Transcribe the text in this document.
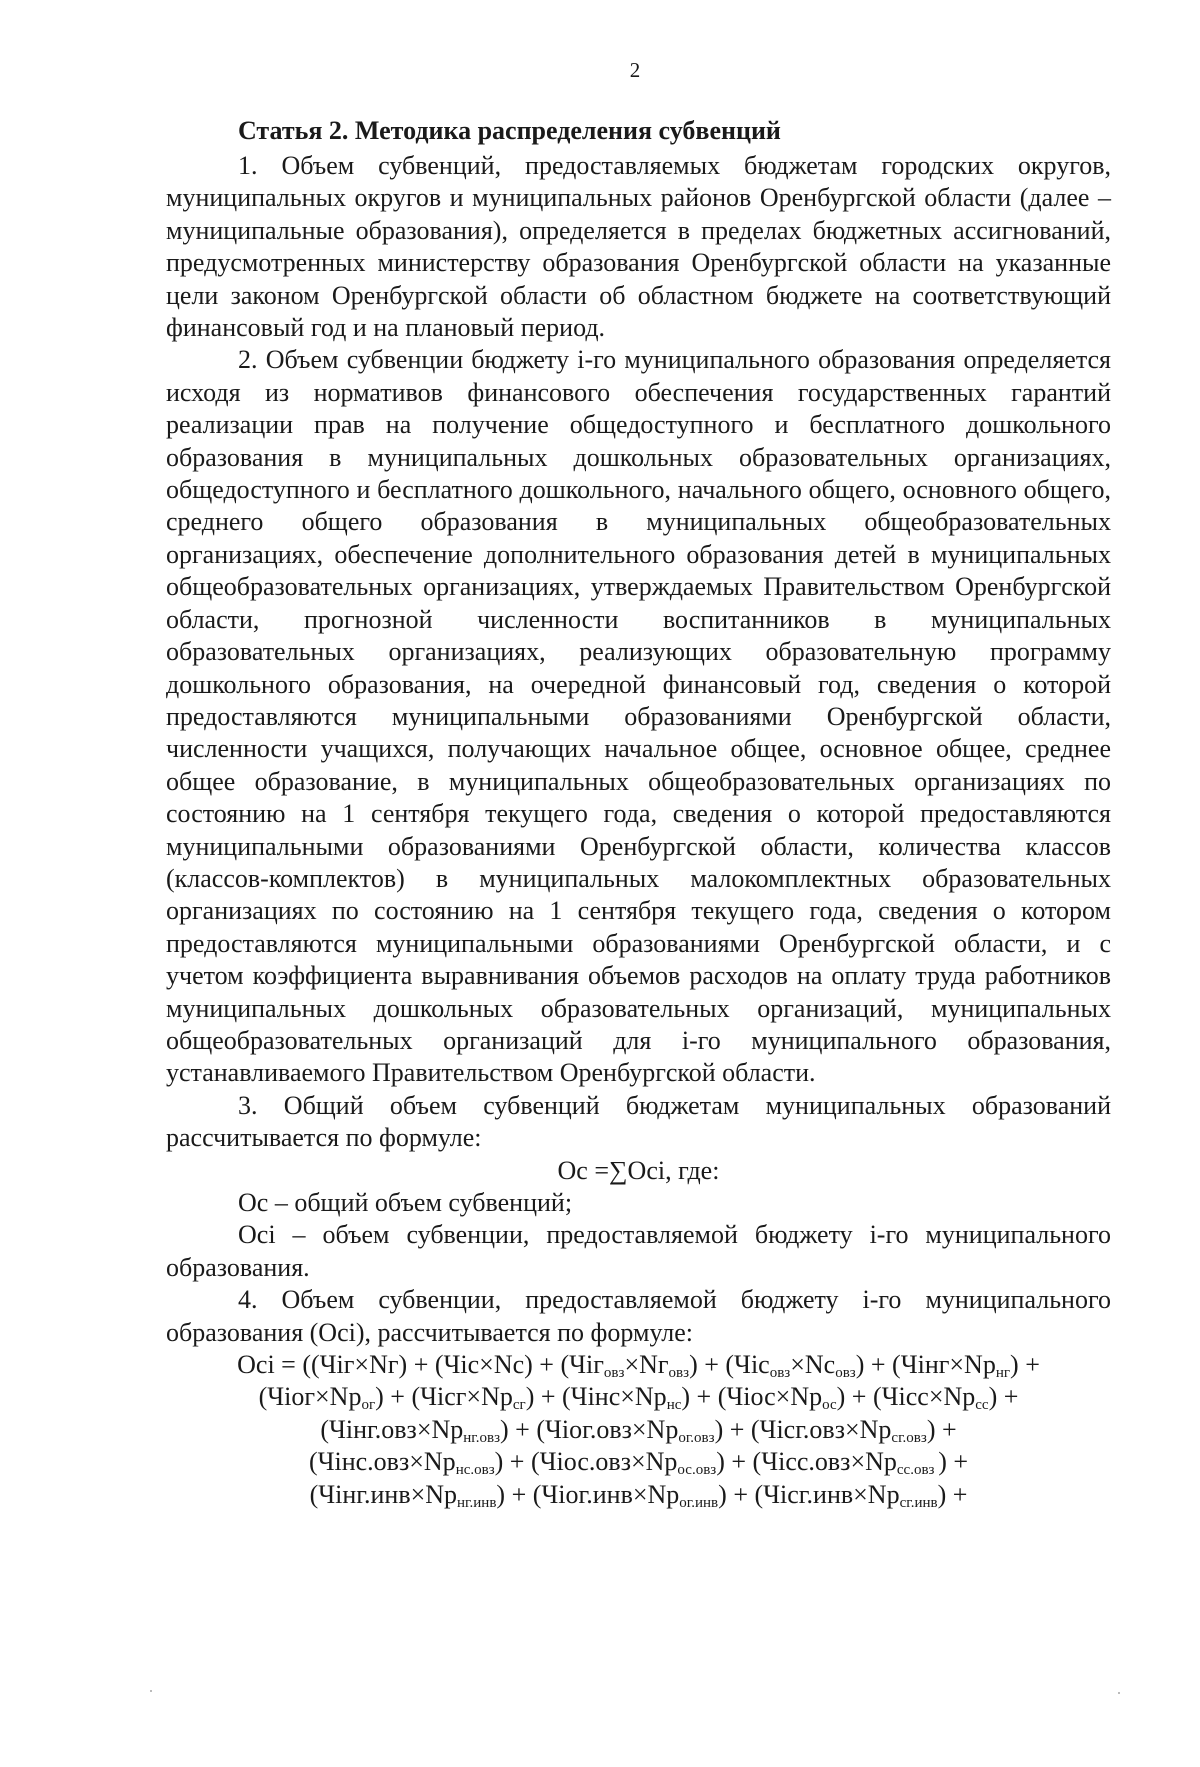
2
Статья 2. Методика распределения субвенций

1. Объем субвенций, предоставляемых бюджетам городских округов, муниципальных округов и муниципальных районов Оренбургской области (далее – муниципальные образования), определяется в пределах бюджетных ассигнований, предусмотренных министерству образования Оренбургской области на указанные цели законом Оренбургской области об областном бюджете на соответствующий финансовый год и на плановый период.

2. Объем субвенции бюджету i-го муниципального образования определяется исходя из нормативов финансового обеспечения государственных гарантий реализации прав на получение общедоступного и бесплатного дошкольного образования в муниципальных дошкольных образовательных организациях, общедоступного и бесплатного дошкольного, начального общего, основного общего, среднего общего образования в муниципальных общеобразовательных организациях, обеспечение дополнительного образования детей в муниципальных общеобразовательных организациях, утверждаемых Правительством Оренбургской области, прогнозной численности воспитанников в муниципальных образовательных организациях, реализующих образовательную программу дошкольного образования, на очередной финансовый год, сведения о которой предоставляются муниципальными образованиями Оренбургской области, численности учащихся, получающих начальное общее, основное общее, среднее общее образование, в муниципальных общеобразовательных организациях по состоянию на 1 сентября текущего года, сведения о которой предоставляются муниципальными образованиями Оренбургской области, количества классов (классов-комплектов) в муниципальных малокомплектных образовательных организациях по состоянию на 1 сентября текущего года, сведения о котором предоставляются муниципальными образованиями Оренбургской области, и с учетом коэффициента выравнивания объемов расходов на оплату труда работников муниципальных дошкольных образовательных организаций, муниципальных общеобразовательных организаций для i-го муниципального образования, устанавливаемого Правительством Оренбургской области.

3. Общий объем субвенций бюджетам муниципальных образований рассчитывается по формуле:

Oc =∑Oci, где:

Oc – общий объем субвенций;

Oci – объем субвенции, предоставляемой бюджету i-го муниципального образования.

4. Объем субвенции, предоставляемой бюджету i-го муниципального образования (Oci), рассчитывается по формуле:

Oci = ($(Чiг\times Nг) + (Чiс\times Nс) + (Чiг_{овз}\times Nг_{овз}) + (Чiс_{овз}\times Nс_{овз})$ + $(Чiнг\times Np_{нг})$ +

$(Чiог\times Np_{ог})$ + $(Чiсг\times Np_{сг})$ + $(Чiнс\times Np_{нс})$ + $(Чiос\times Np_{ос})$ + $(Чiсс\times Np_{сс})$ +

$(Чiнг.овз\times Np_{нг.овз})$ + $(Чiог.овз\times Np_{ог.овз})$ + $(Чiсг.овз\times Np_{сг.овз})$ +

$(Чiнс.овз\times Np_{нс.овз})$ + $(Чiос.овз\times Np_{ос.овз})$ + ($Чiсс.овз\times Np_{сс.овз}$ ) +

$(Чiнг.инв\times Np_{нг.инв})$ + $(Чiог.инв\times Np_{ог.инв})$ + $(Чiсг.инв\times Np_{сг.инв})$ +
